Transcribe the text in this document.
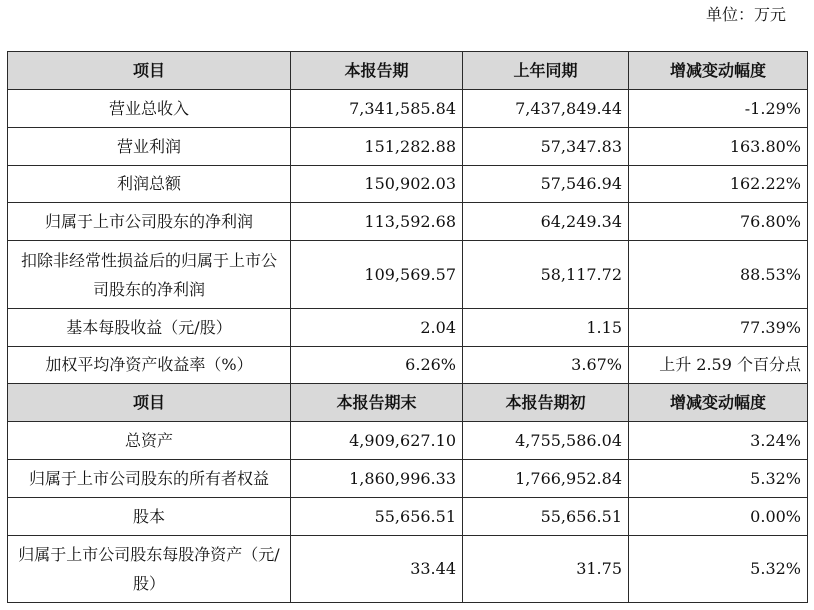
单位：万元
项目	本报告期	上年同期	增减变动幅度
营业总收入	7,341,585.84	7,437,849.44	-1.29%
营业利润	151,282.88	57,347.83	163.80%
利润总额	150,902.03	57,546.94	162.22%
归属于上市公司股东的净利润	113,592.68	64,249.34	76.80%
扣除非经常性损益后的归属于上市公司股东的净利润	109,569.57	58,117.72	88.53%
基本每股收益（元/股）	2.04	1.15	77.39%
加权平均净资产收益率（%）	6.26%	3.67%	上升 2.59 个百分点
项目	本报告期末	本报告期初	增减变动幅度
总资产	4,909,627.10	4,755,586.04	3.24%
归属于上市公司股东的所有者权益	1,860,996.33	1,766,952.84	5.32%
股本	55,656.51	55,656.51	0.00%
归属于上市公司股东每股净资产（元/股）	33.44	31.75	5.32%
